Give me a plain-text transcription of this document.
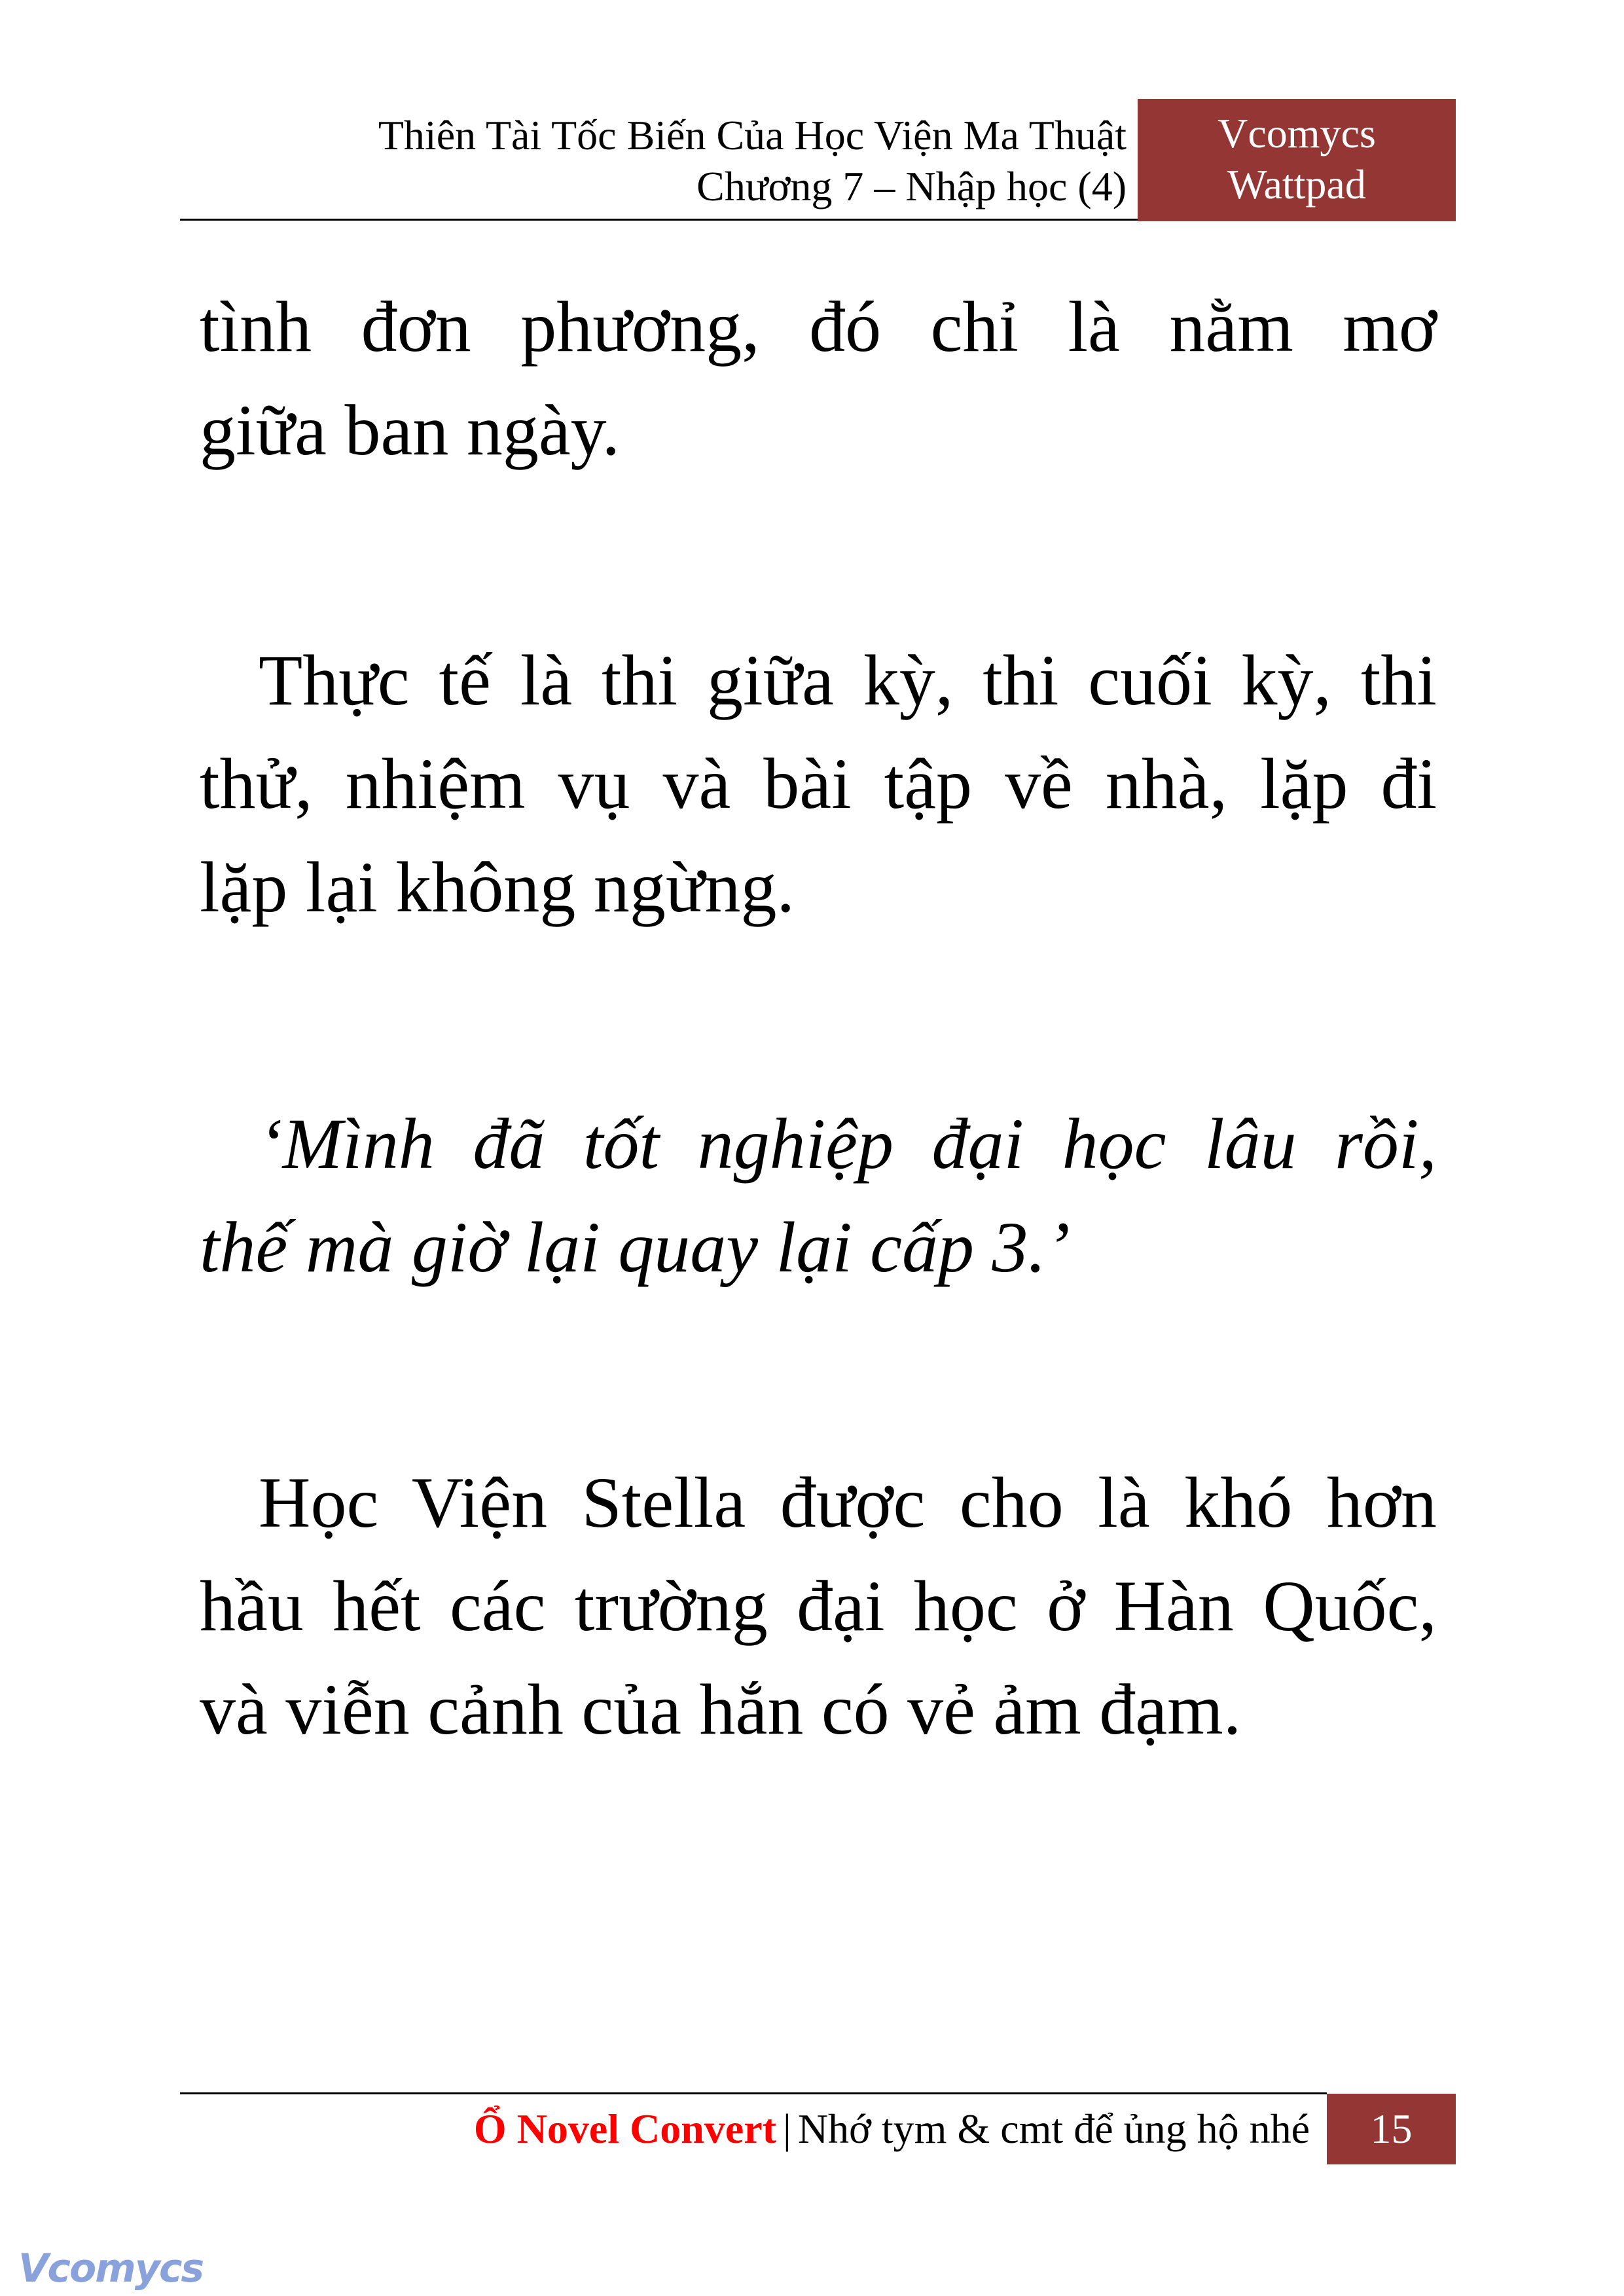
Thiên Tài Tốc Biến Của Học Viện Ma Thuật
Chương 7 – Nhập học (4)
Vcomycs
Wattpad
tình đơn phương, đó chỉ là nằm mơ
giữa ban ngày.
Thực tế là thi giữa kỳ, thi cuối kỳ, thi
thử, nhiệm vụ và bài tập về nhà, lặp đi
lặp lại không ngừng.
‘Mình đã tốt nghiệp đại học lâu rồi,
thế mà giờ lại quay lại cấp 3.’
Học Viện Stella được cho là khó hơn
hầu hết các trường đại học ở Hàn Quốc,
và viễn cảnh của hắn có vẻ ảm đạm.
Ổ Novel Convert | Nhớ tym & cmt để ủng hộ nhé	15
Vcomycs
